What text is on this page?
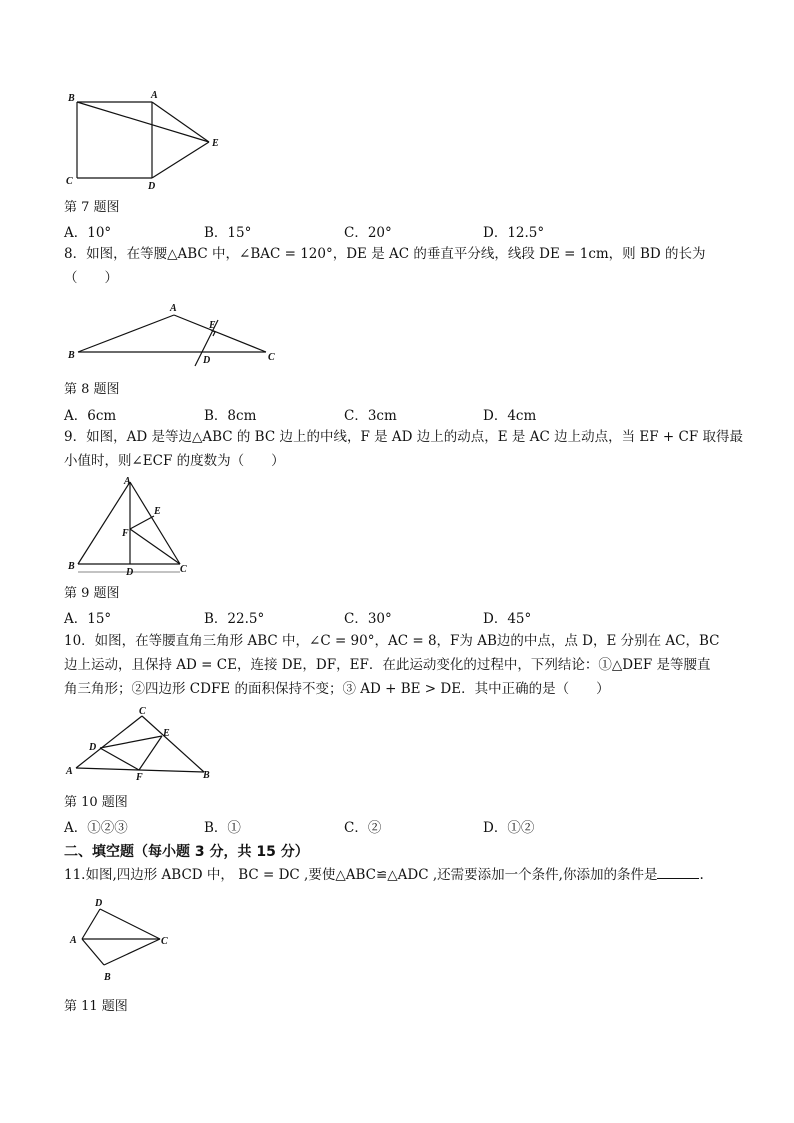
B	A
E
C	D
第 7 题图
A．10°	B．15°	C．20°	D．12.5°
8．如图，在等腰△ABC 中，∠BAC = 120°，DE 是 AC 的垂直平分线，线段 DE = 1cm，则 BD 的长为
（　　）
A
E
B	D	C
第 8 题图
A．6cm	B．8cm	C．3cm	D．4cm
9．如图，AD 是等边△ABC 的 BC 边上的中线，F 是 AD 边上的动点，E 是 AC 边上动点，当 EF + CF 取得最
小值时，则∠ECF 的度数为（　　）
A
E
F
B
D	C
第 9 题图
A．15°	B．22.5°	C．30°	D．45°
10．如图，在等腰直角三角形 ABC 中，∠C = 90°，AC = 8，F为 AB边的中点，点 D，E 分别在 AC，BC
边上运动，且保持 AD = CE，连接 DE，DF，EF．在此运动变化的过程中，下列结论：①△DEF 是等腰直
角三角形；②四边形 CDFE 的面积保持不变；③ AD + BE > DE．其中正确的是（　　）
C
E
D
A
F	B
第 10 题图
A．①②③	B．①	C．②	D．①②
二、填空题（每小题 3 分，共 15 分）
11.如图,四边形 ABCD 中， BC = DC ,要使△ABC≌△ADC ,还需要添加一个条件,你添加的条件是	.
D
A	C
B
第 11 题图
